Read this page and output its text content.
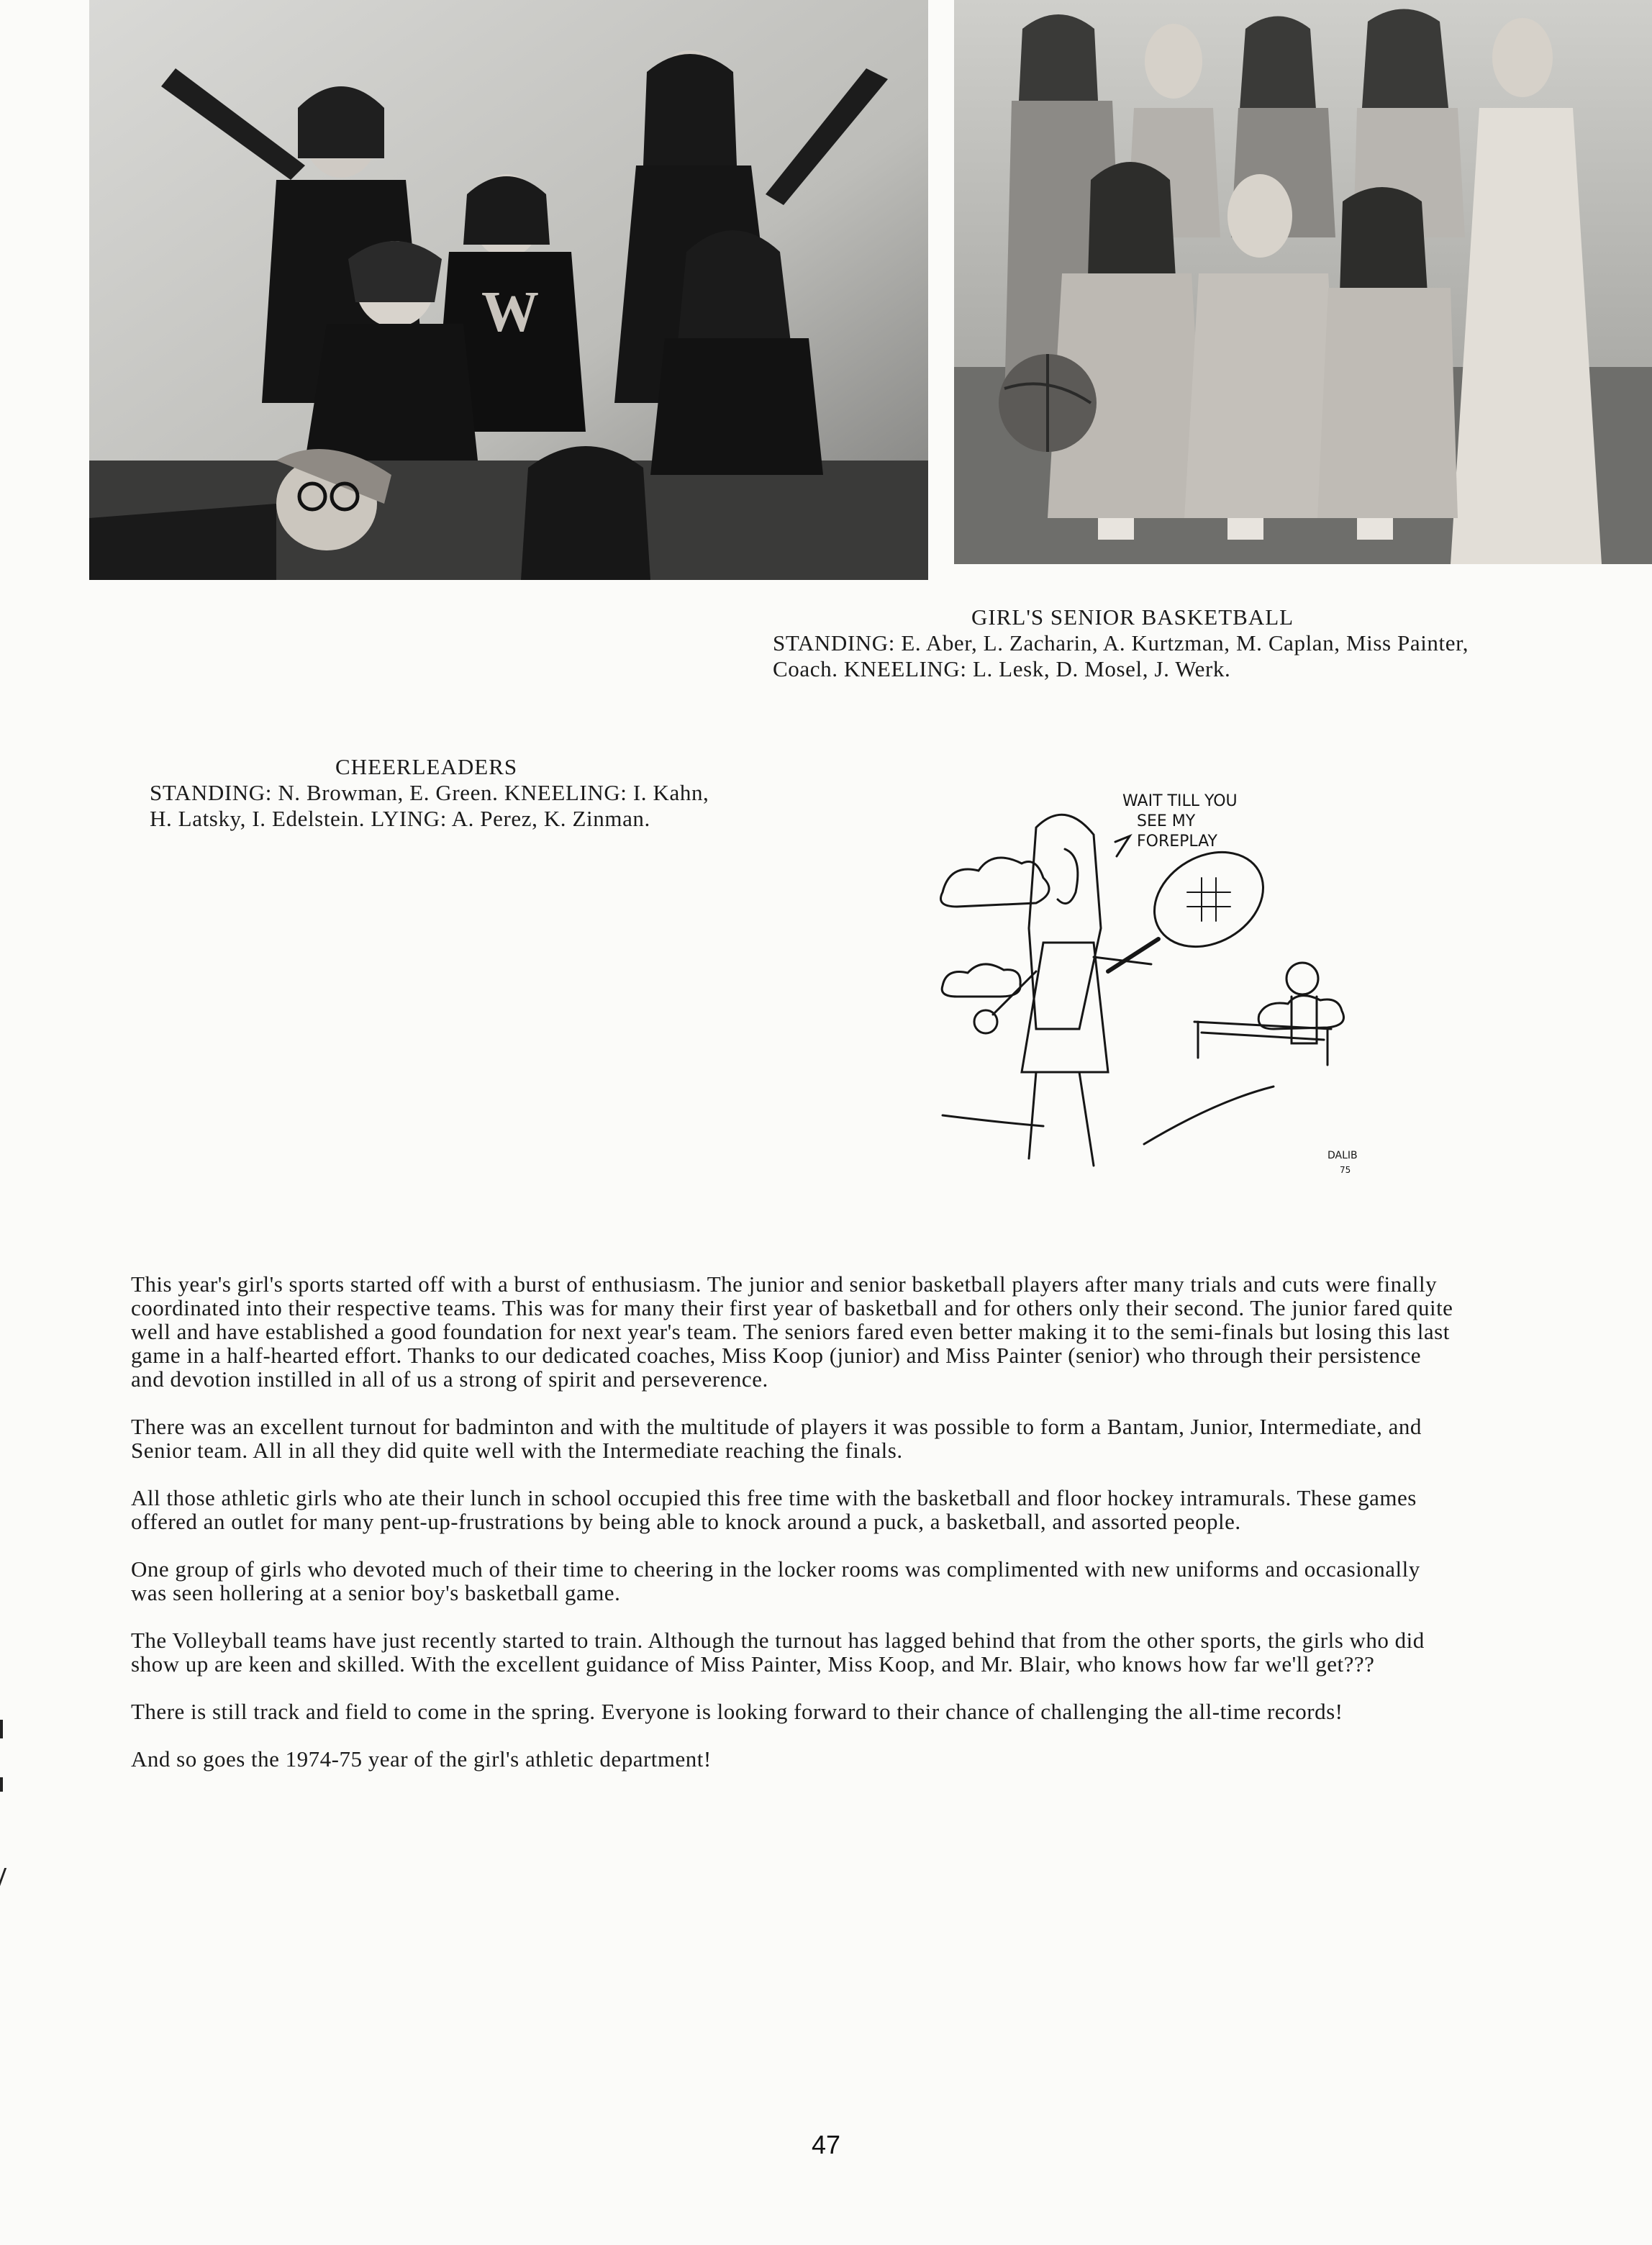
W
GIRL'S SENIOR BASKETBALL
STANDING: E. Aber, L. Zacharin, A. Kurtzman, M. Caplan, Miss Painter, Coach. KNEELING: L. Lesk, D. Mosel, J. Werk.
CHEERLEADERS
STANDING: N. Browman, E. Green. KNEELING: I. Kahn, H. Latsky, I. Edelstein. LYING: A. Perez, K. Zinman.
WAIT TILL YOU
SEE MY
FOREPLAY
DALIB
75

This year's girl's sports started off with a burst of enthusiasm. The junior and senior basketball players after many trials and cuts were finally coordinated into their respective teams. This was for many their first year of basketball and for others only their second. The junior fared quite well and have established a good foundation for next year's team. The seniors fared even better making it to the semi-finals but losing this last game in a half-hearted effort. Thanks to our dedicated coaches, Miss Koop (junior) and Miss Painter (senior) who through their persistence and devotion instilled in all of us a strong of spirit and perseverence.

There was an excellent turnout for badminton and with the multitude of players it was possible to form a Bantam, Junior, Intermediate, and Senior team. All in all they did quite well with the Intermediate reaching the finals.

All those athletic girls who ate their lunch in school occupied this free time with the basketball and floor hockey intramurals. These games offered an outlet for many pent-up-frustrations by being able to knock around a puck, a basketball, and assorted people.

One group of girls who devoted much of their time to cheering in the locker rooms was complimented with new uniforms and occasionally was seen hollering at a senior boy's basketball game.

The Volleyball teams have just recently started to train. Although the turnout has lagged behind that from the other sports, the girls who did show up are keen and skilled. With the excellent guidance of Miss Painter, Miss Koop, and Mr. Blair, who knows how far we'll get???

There is still track and field to come in the spring. Everyone is looking forward to their chance of challenging the all-time records!

And so goes the 1974-75 year of the girl's athletic department!

47
